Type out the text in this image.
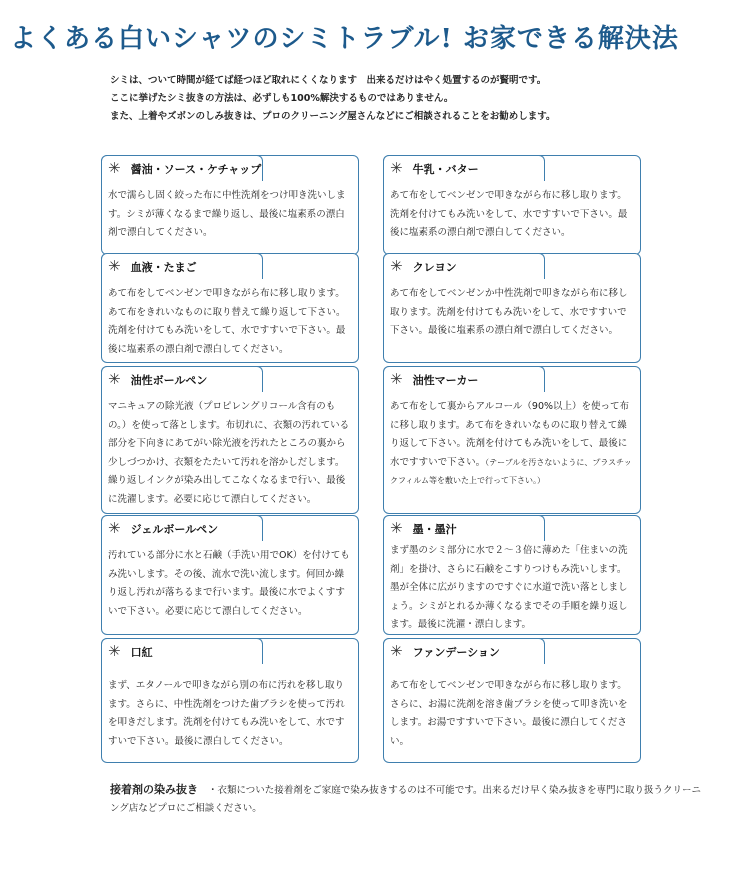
よくある白いシャツのシミトラブル! お家できる解決法
シミは、ついて時間が経てば経つほど取れにくくなります　出来るだけはやく処置するのが賢明です。
ここに挙げたシミ抜きの方法は、必ずしも100%解決するものではありません。
また、上着やズボンのしみ抜きは、プロのクリーニング屋さんなどにご相談されることをお勧めします。
✳ 醤油・ソース・ケチャップ
水で濡らし固く絞った布に中性洗剤をつけ叩き洗いします。シミが薄くなるまで繰り返し、最後に塩素系の漂白剤で漂白してください。
✳ 牛乳・バター
あて布をしてベンゼンで叩きながら布に移し取ります。洗剤を付けてもみ洗いをして、水ですすいで下さい。最後に塩素系の漂白剤で漂白してください。
✳ 血液・たまご
あて布をしてベンゼンで叩きながら布に移し取ります。あて布をきれいなものに取り替えて繰り返して下さい。洗剤を付けてもみ洗いをして、水ですすいで下さい。最後に塩素系の漂白剤で漂白してください。
✳ クレヨン
あて布をしてベンゼンか中性洗剤で叩きながら布に移し取ります。洗剤を付けてもみ洗いをして、水ですすいで下さい。最後に塩素系の漂白剤で漂白してください。
✳ 油性ボールペン
マニキュアの除光液（プロピレングリコール含有のもの。）を使って落とします。布切れに、衣類の汚れている部分を下向きにあてがい除光液を汚れたところの裏から少しづつかけ、衣類をたたいて汚れを溶かしだします。繰り返しインクが染み出してこなくなるまで行い、最後に洗濯します。必要に応じて漂白してください。
✳ 油性マーカー
あて布をして裏からアルコール（90%以上）を使って布に移し取ります。あて布をきれいなものに取り替えて繰り返して下さい。洗剤を付けてもみ洗いをして、最後に水ですすいで下さい。（テーブルを汚さないように、プラスチックフィルム等を敷いた上で行って下さい。）
✳ ジェルボールペン
汚れている部分に水と石鹸（手洗い用でOK）を付けてもみ洗いします。その後、流水で洗い流します。何回か繰り返し汚れが落ちるまで行います。最後に水でよくすすいで下さい。必要に応じて漂白してください。
✳ 墨・墨汁
まず墨のシミ部分に水で２〜３倍に薄めた「住まいの洗剤」を掛け、さらに石鹸をこすりつけもみ洗いします。墨が全体に広がりますのですぐに水道で洗い落としましょう。シミがとれるか薄くなるまでその手順を繰り返します。最後に洗濯・漂白します。
✳ 口紅
まず、エタノールで叩きながら別の布に汚れを移し取ります。さらに、中性洗剤をつけた歯ブラシを使って汚れを叩きだします。洗剤を付けてもみ洗いをして、水ですすいで下さい。最後に漂白してください。
✳ ファンデーション
あて布をしてベンゼンで叩きながら布に移し取ります。さらに、お湯に洗剤を溶き歯ブラシを使って叩き洗いをします。お湯ですすいで下さい。最後に漂白してください。
接着剤の染み抜き ・衣類についた接着剤をご家庭で染み抜きするのは不可能です。出来るだけ早く染み抜きを専門に取り扱うクリーニング店などプロにご相談ください。
